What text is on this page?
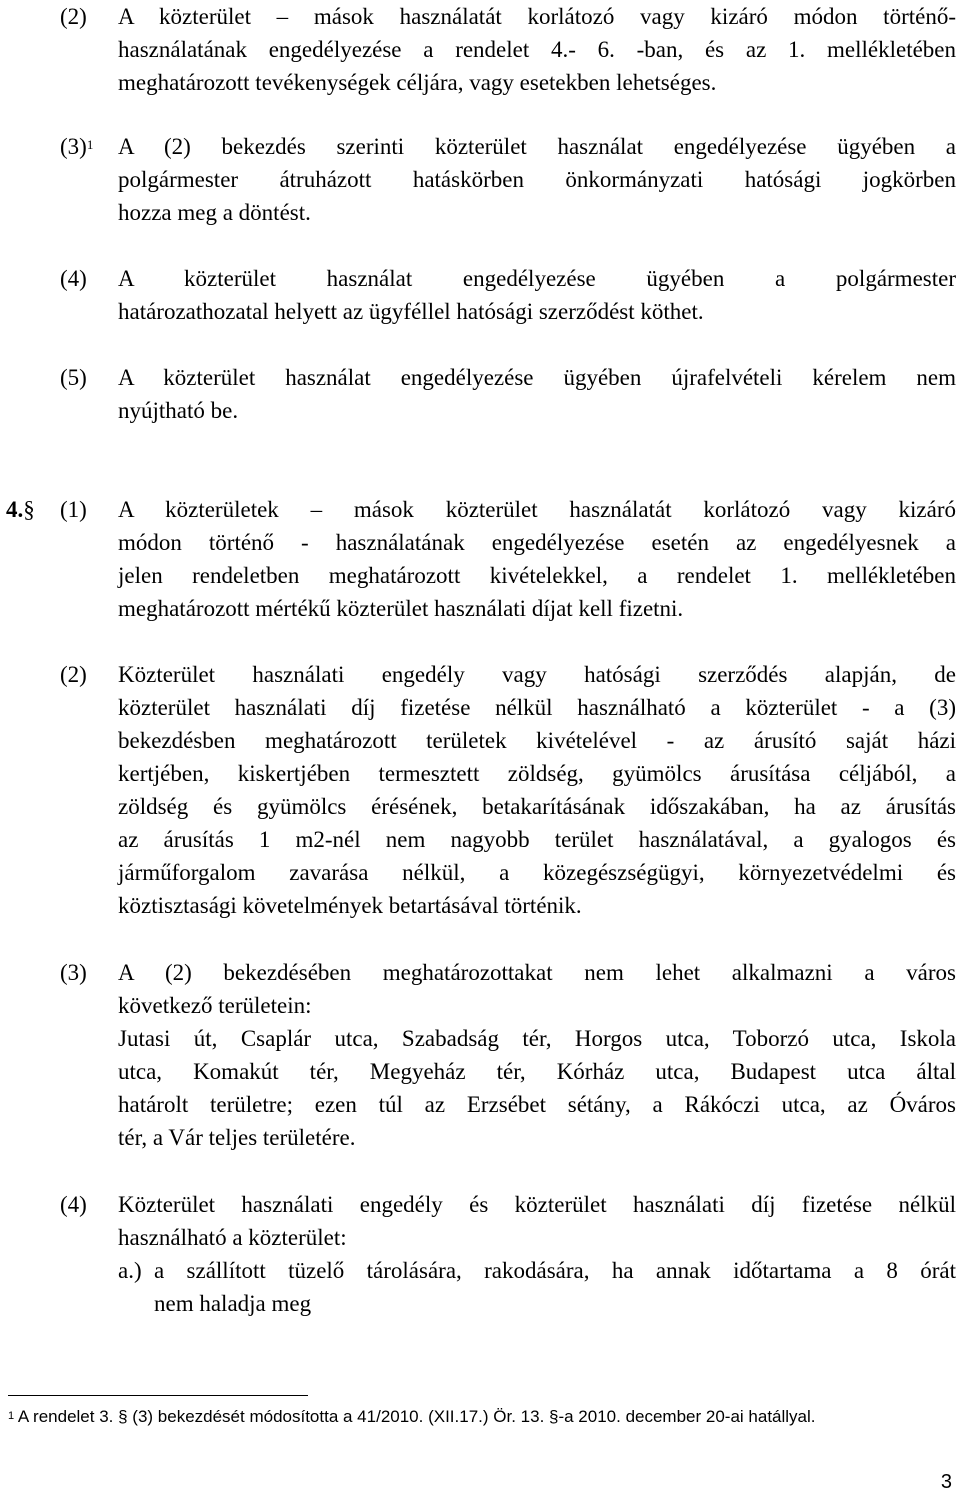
(2) A közterület – mások használatát korlátozó vagy kizáró módon történő-
használatának engedélyezése a rendelet 4.- 6. -ban, és az 1. mellékletében
meghatározott tevékenységek céljára, vagy esetekben lehetséges.
$(3)^1$ A (2) bekezdés szerinti közterület használat engedélyezése ügyében a
polgármester átruházott hatáskörben önkormányzati hatósági jogkörben
hozza meg a döntést.
(4) A közterület használat engedélyezése ügyében a polgármester
határozathozatal helyett az ügyféllel hatósági szerződést köthet.
(5) A közterület használat engedélyezése ügyében újrafelvételi kérelem nem
nyújtható be.
4.§ (1) A közterületek – mások közterület használatát korlátozó vagy kizáró
módon történő - használatának engedélyezése esetén az engedélyesnek a
jelen rendeletben meghatározott kivételekkel, a rendelet 1. mellékletében
meghatározott mértékű közterület használati díjat kell fizetni.
(2) Közterület használati engedély vagy hatósági szerződés alapján, de
közterület használati díj fizetése nélkül használható a közterület - a (3)
bekezdésben meghatározott területek kivételével - az árusító saját házi
kertjében, kiskertjében termesztett zöldség, gyümölcs árusítása céljából, a
zöldség és gyümölcs érésének, betakarításának időszakában, ha az árusítás
az árusítás 1 m2-nél nem nagyobb terület használatával, a gyalogos és
járműforgalom zavarása nélkül, a közegészségügyi, környezetvédelmi és
köztisztasági követelmények betartásával történik.
(3) A (2) bekezdésében meghatározottakat nem lehet alkalmazni a város
következő területein:
Jutasi út, Csaplár utca, Szabadság tér, Horgos utca, Toborzó utca, Iskola
utca, Komakút tér, Megyeház tér, Kórház utca, Budapest utca által
határolt területre; ezen túl az Erzsébet sétány, a Rákóczi utca, az Óváros
tér, a Vár teljes területére.
(4) Közterület használati engedély és közterület használati díj fizetése nélkül
használható a közterület:
a.) a szállított tüzelő tárolására, rakodására, ha annak időtartama a 8 órát
nem haladja meg
$^1$ A rendelet 3. § (3) bekezdését módosította a 41/2010. (XII.17.) Ör. 13. §-a 2010. december 20-ai hatállyal.
3
